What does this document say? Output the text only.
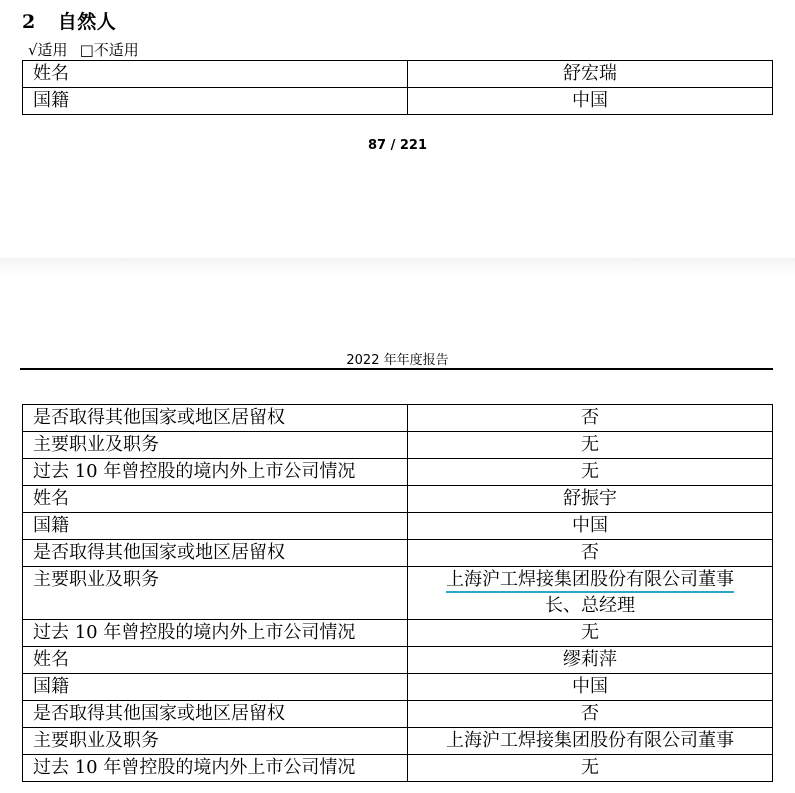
2 自然人
√适用 □不适用
姓名	舒宏瑞
国籍	中国
87 / 221
2022 年年度报告
是否取得其他国家或地区居留权	否
主要职业及职务	无
过去 10 年曾控股的境内外上市公司情况	无
姓名	舒振宇
国籍	中国
是否取得其他国家或地区居留权	否
主要职业及职务	上海沪工焊接集团股份有限公司董事
长、总经理
过去 10 年曾控股的境内外上市公司情况	无
姓名	缪莉萍
国籍	中国
是否取得其他国家或地区居留权	否
主要职业及职务	上海沪工焊接集团股份有限公司董事
过去 10 年曾控股的境内外上市公司情况	无
